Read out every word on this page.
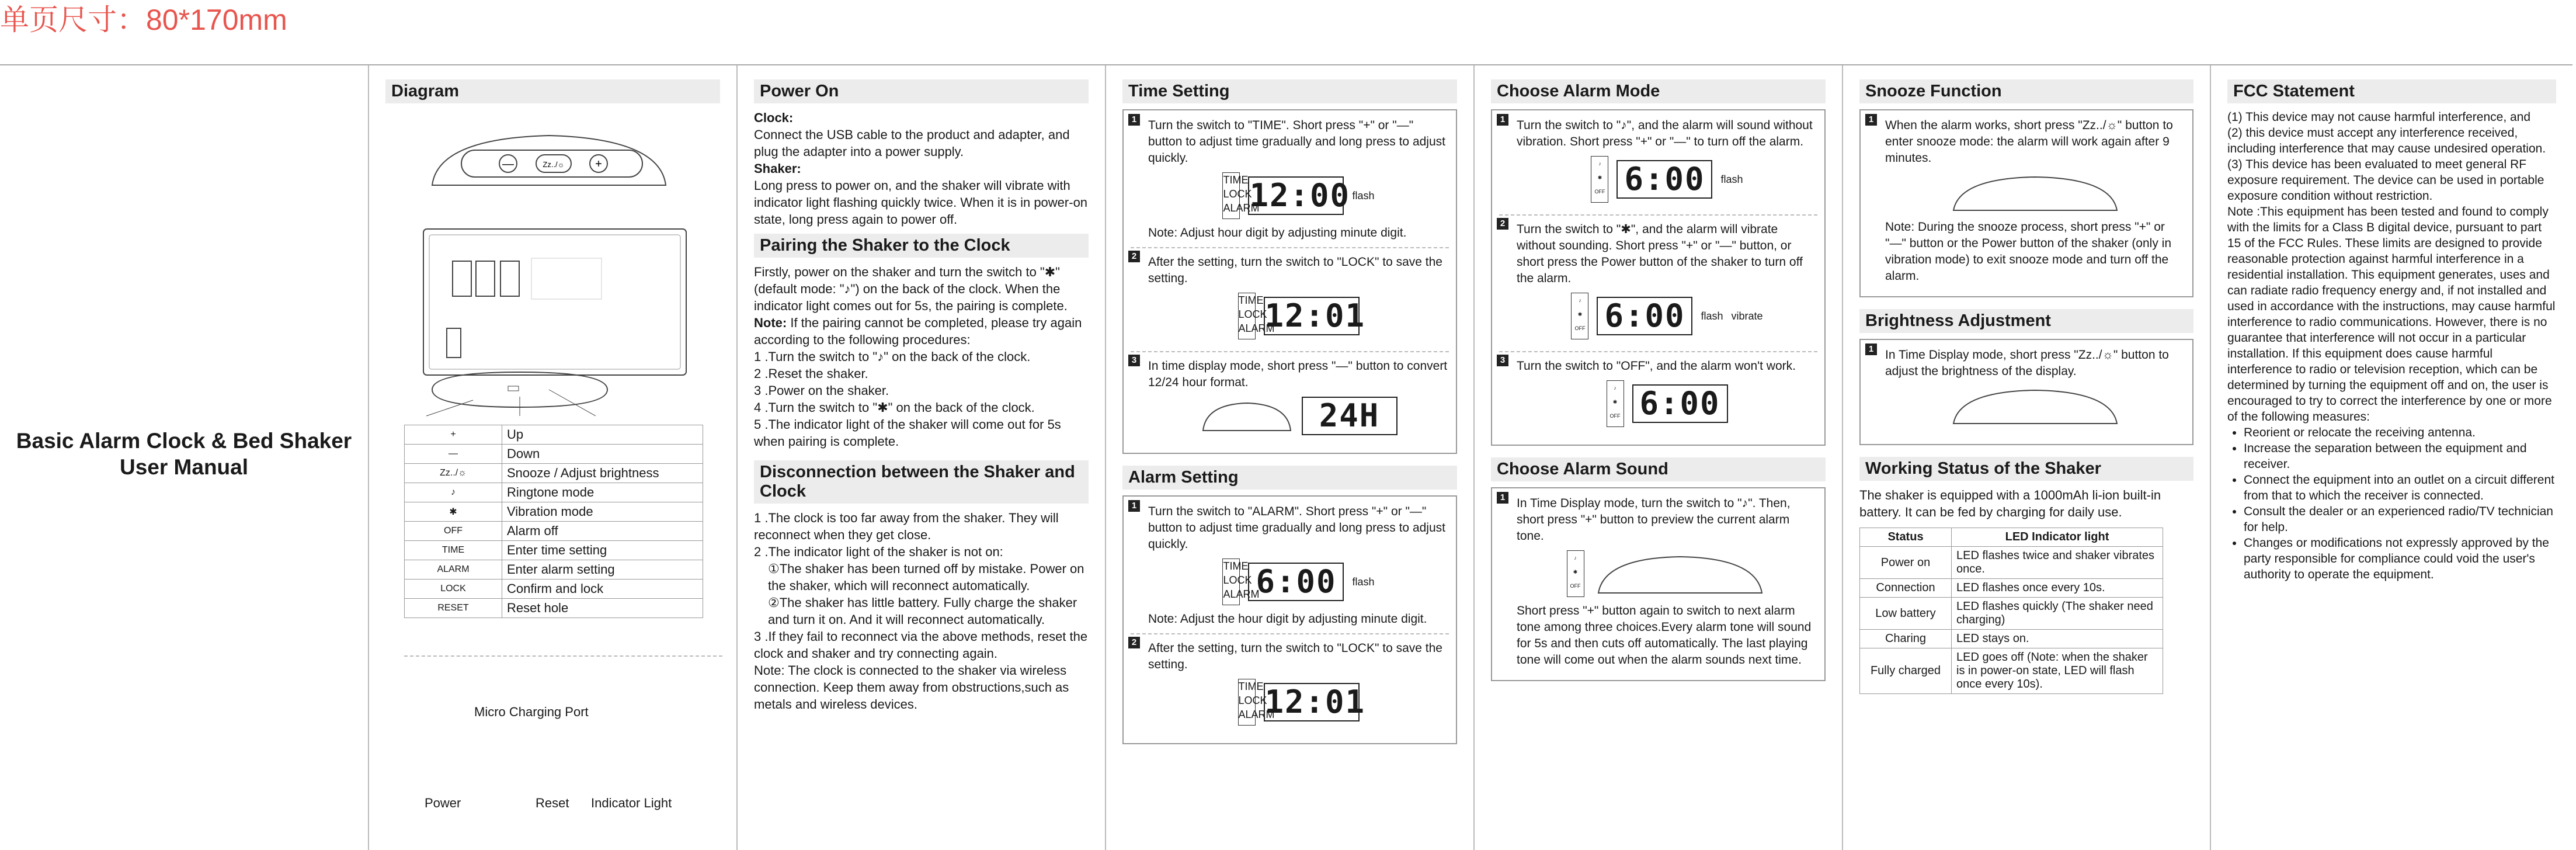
单页尺寸：80*170mm
Basic Alarm Clock & Bed Shaker
User Manual
Diagram
—	Zz../☼	+
+	Up
—	Down
Zz../☼	Snooze / Adjust brightness
♪	Ringtone mode
✱	Vibration mode
OFF	Alarm off
TIME	Enter time setting
ALARM	Enter alarm setting
LOCK	Confirm and lock
RESET	Reset hole
Micro Charging Port
Power	Reset Indicator Light
Power On
Clock:
Connect the USB cable to the product and adapter, and plug the adapter into a power supply.
Shaker:
Long press to power on, and the shaker will vibrate with indicator light flashing quickly twice. When it is in power-on state, long press again to power off.
Pairing the Shaker to the Clock
Firstly, power on the shaker and turn the switch to "✱" (default mode: "♪") on the back of the clock. When the indicator light comes out for 5s, the pairing is complete.
Note: If the pairing cannot be completed, please try again according to the following procedures:
1 .Turn the switch to "♪" on the back of the clock.
2 .Reset the shaker.
3 .Power on the shaker.
4 .Turn the switch to "✱" on the back of the clock.
5 .The indicator light of the shaker will come out for 5s when pairing is complete.
Disconnection between the Shaker and Clock
1 .The clock is too far away from the shaker. They will reconnect when they get close.
2 .The indicator light of the shaker is not on:
①The shaker has been turned off by mistake. Power on the shaker, which will reconnect automatically.
②The shaker has little battery. Fully charge the shaker and turn it on. And it will reconnect automatically.
3 .If they fail to reconnect via the above methods, reset the clock and shaker and try connecting again.
Note: The clock is connected to the shaker via wireless connection. Keep them away from obstructions,such as metals and wireless devices.
Time Setting
1 Turn the switch to "TIME". Short press "+" or "—" button to adjust time gradually and long press to adjust quickly.
TIME
LOCK
ALARM
12:00 flash
Note: Adjust hour digit by adjusting minute digit.
2 After the setting, turn the switch to "LOCK" to save the setting.
TIME
LOCK
ALARM
12:01
3 In time display mode, short press "—" button to convert 12/24 hour format.
24H
Alarm Setting
1 Turn the switch to "ALARM". Short press "+" or "—" button to adjust time gradually and long press to adjust quickly.
TIME
LOCK
ALARM
6:00	flash
Note: Adjust the hour digit by adjusting minute digit.
2 After the setting, turn the switch to "LOCK" to save the setting.
TIME
LOCK
ALARM
12:01
Choose Alarm Mode
1 Turn the switch to "♪", and the alarm will sound without vibration. Short press "+" or "—" to turn off the alarm.
♪
✱
OFF 6:00	flash
2 Turn the switch to "✱", and the alarm will vibrate without sounding. Short press "+" or "—" button, or short press the Power button of the shaker to turn off the alarm.
♪
✱
OFF 6:00	flash vibrate
3 Turn the switch to "OFF", and the alarm won't work.
♪
✱
OFF 6:00
Choose Alarm Sound
1 In Time Display mode, turn the switch to "♪". Then, short press "+" button to preview the current alarm tone.
♪
✱
OFF
Short press "+" button again to switch to next alarm tone among three choices.Every alarm tone will sound for 5s and then cuts off automatically. The last playing tone will come out when the alarm sounds next time.
Snooze Function
1 When the alarm works, short press "Zz../☼" button to enter snooze mode: the alarm will work again after 9 minutes.
Note: During the snooze process, short press "+" or "—" button or the Power button of the shaker (only in vibration mode) to exit snooze mode and turn off the alarm.
Brightness Adjustment
1 In Time Display mode, short press "Zz../☼" button to adjust the brightness of the display.
Working Status of the Shaker
The shaker is equipped with a 1000mAh li-ion built-in battery. It can be fed by charging for daily use.
Status	LED Indicator light
Power on	LED flashes twice and shaker vibrates once.
Connection	LED flashes once every 10s.
Low battery	LED flashes quickly (The shaker need charging)
Charing	LED stays on.
Fully charged	LED goes off (Note: when the shaker is in power-on state, LED will flash once every 10s).
FCC Statement
(1) This device may not cause harmful interference, and
(2) this device must accept any interference received, including interference that may cause undesired operation.
(3) This device has been evaluated to meet general RF exposure requirement. The device can be used in portable exposure condition without restriction.
Note :This equipment has been tested and found to comply with the limits for a Class B digital device, pursuant to part 15 of the FCC Rules. These limits are designed to provide reasonable protection against harmful interference in a residential installation. This equipment generates, uses and can radiate radio frequency energy and, if not installed and used in accordance with the instructions, may cause harmful interference to radio communications. However, there is no guarantee that interference will not occur in a particular installation. If this equipment does cause harmful interference to radio or television reception, which can be determined by turning the equipment off and on, the user is encouraged to try to correct the interference by one or more of the following measures:
• Reorient or relocate the receiving antenna.
• Increase the separation between the equipment and receiver.
• Connect the equipment into an outlet on a circuit different from that to which the receiver is connected.
• Consult the dealer or an experienced radio/TV technician for help.
• Changes or modifications not expressly approved by the party responsible for compliance could void the user's authority to operate the equipment.
